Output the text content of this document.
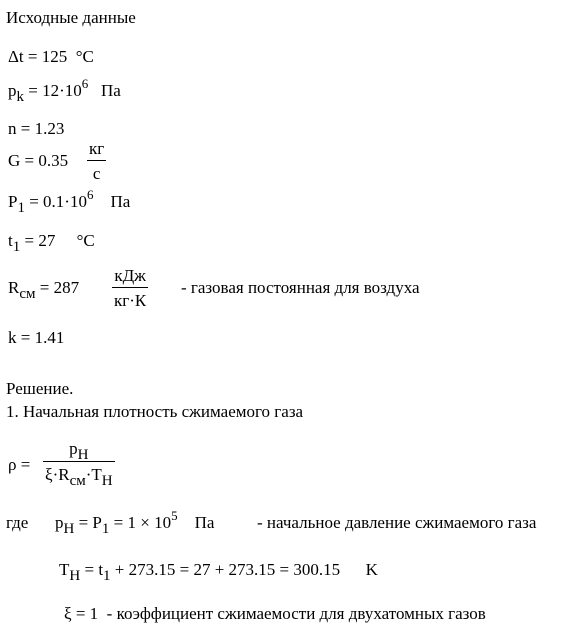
Исходные данные
Δt = 125 °C
pk = $12\cdot 10^6$ Па
n = 1.23
G = 0.35
кг
с
$P1 = 0.1\cdot 10^6$ Па
t1 = 27 °C
Rсм = 287
кДж
кг·К
- газовая постоянная для воздуха
k = 1.41
Решение.
1. Начальная плотность сжимаемого газа
ρ =
pH
ξ·Rсм·TH
где pH = $P1 = 1 \times 10^5$ Па	- начальное давление сжимаемого газа
TH = t1 + 273.15 = 27 + 273.15 = 300.15 K
ξ = 1 - коэффициент сжимаемости для двухатомных газов
